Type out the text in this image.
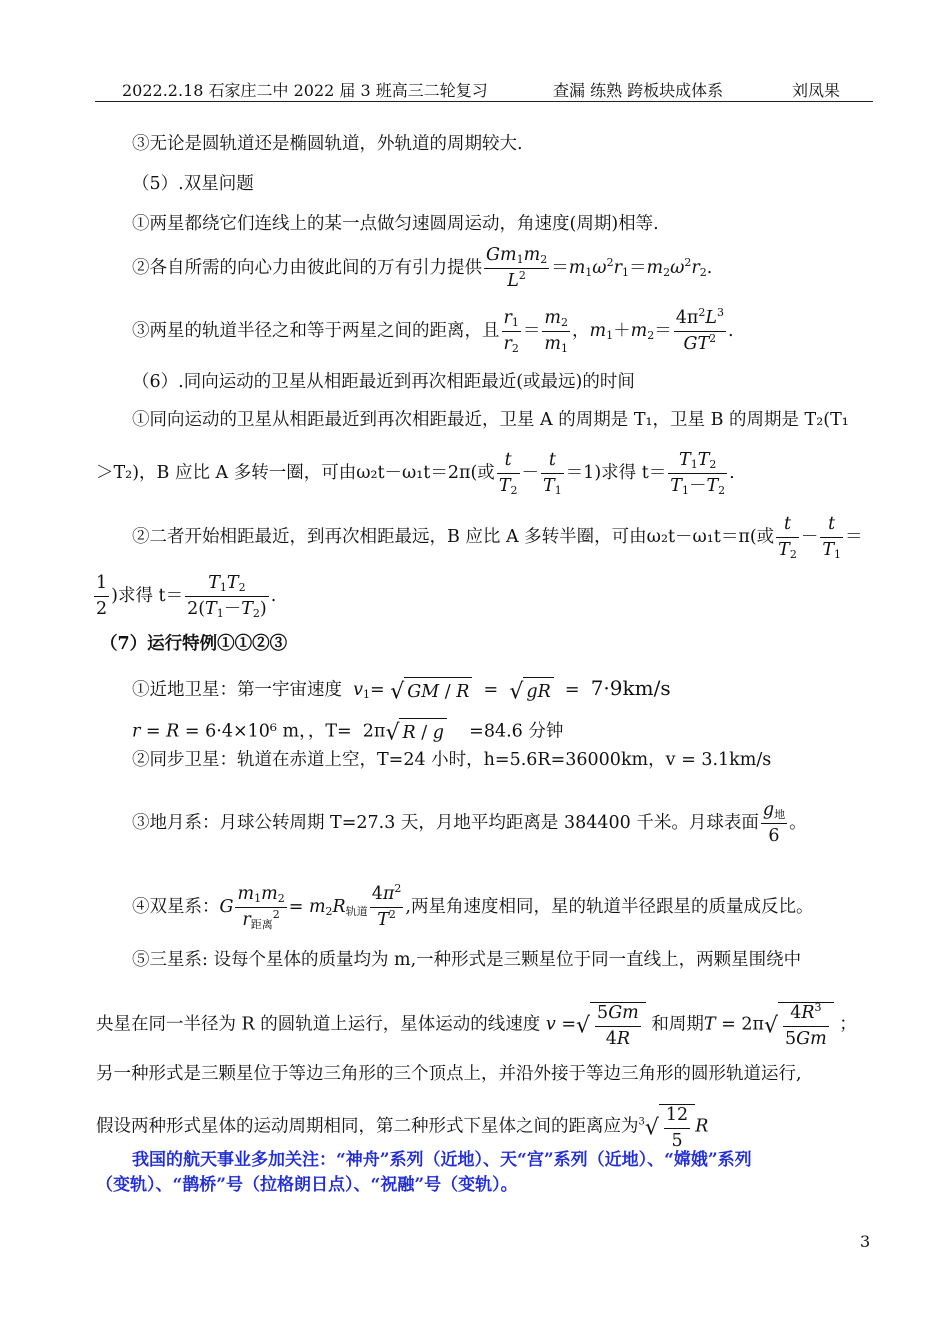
2022.2.18 石家庄二中 2022 届 3 班高三二轮复习	查漏 练熟 跨板块成体系	刘凤果
③无论是圆轨道还是椭圆轨道，外轨道的周期较大.
（5）.双星问题
①两星都绕它们连线上的某一点做匀速圆周运动，角速度(周期)相等.
②各自所需的向心力由彼此间的万有引力提供 $\frac{Gm_1m_2}{L^2} =m_1\omega^2r_1=m_2\omega^2r_2$.
③两星的轨道半径之和等于两星之间的距离，且 $\frac{r_1}{r_2} = \frac{m_2}{m_1}$ ，$m_1+m_2= \frac{4\pi^2L^3}{GT^2}$ .
（6）.同向运动的卫星从相距最近到再次相距最近(或最远)的时间
①同向运动的卫星从相距最近到再次相距最近，卫星 A 的周期是 T₁，卫星 B 的周期是 T₂(T₁
＞T₂)，B 应比 A 多转一圈，可由ω₂t－ω₁t＝2π(或 $\frac{t}{T_2} - \frac{t}{T_1} =1$)求得 $t= \frac{T_1T_2}{T_1-T_2}$ .
②二者开始相距最近，到再次相距最远，B 应比 A 多转半圈，可由ω₂t－ω₁t＝π(或 $\frac{t}{T_2} - \frac{t}{T_1}$ ＝
$\frac{1}{2}$ )求得 $t= \frac{T_1T_2}{2(T_1-T_2)}$ .
（7）运行特例①①②③
①近地卫星：第一宇宙速度 $v_1=$ √ GM / R  =  √ gR  =  7·9km/s
r = R = 6·4×10⁶ m，，T=  2π√ R / g =84.6 分钟
②同步卫星：轨道在赤道上空，T=24 小时，h=5.6R=36000km，v = 3.1km/s
③地月系：月球公转周期 T=27.3 天，月地平均距离是 384400 千米。月球表面 $\frac{g_地}{6}$ 。
④双星系：G $\frac{m_1m_2}{r_{距离}^2} = m_2R_{轨道} \frac{4\pi^2}{T^2}$ ,两星角速度相同，星的轨道半径跟星的质量成反比。
⑤三星系: 设每个星体的质量均为 m,一种形式是三颗星位于同一直线上，两颗星围绕中
央星在同一半径为 R 的圆轨道上运行，星体运动的线速度 v =√ $\frac{5Gm}{4R}$ 和周期$T = 2\pi√ \frac{4R^3}{5Gm}$ ；
另一种形式是三颗星位于等边三角形的三个顶点上，并沿外接于等边三角形的圆形轨道运行,
假设两种形式星体的运动周期相同，第二种形式下星体之间的距离应为$^3√ \frac{12}{5}$ R
我国的航天事业多加关注：“神舟”系列（近地）、天“宫”系列（近地）、“嫦娥”系列
（变轨）、“鹊桥”号（拉格朗日点）、“祝融”号（变轨）。
3
